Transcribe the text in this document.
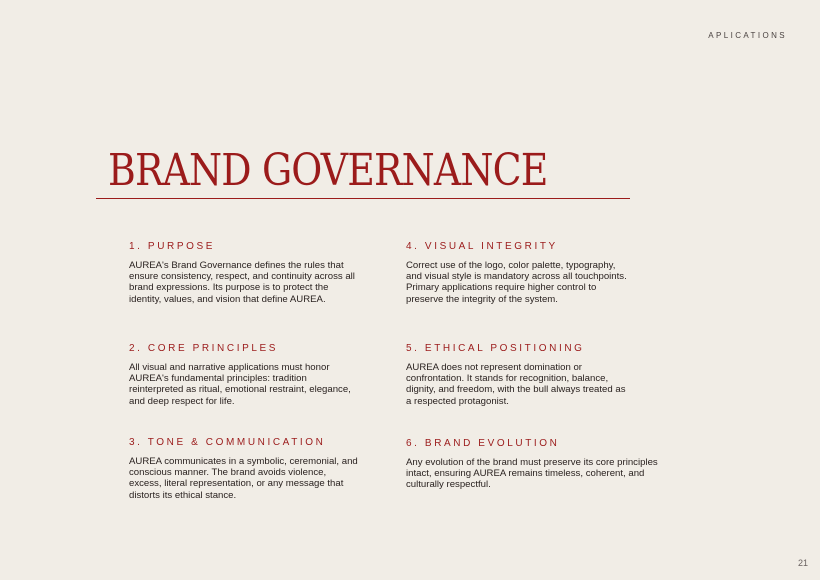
APLICATIONS
BRAND GOVERNANCE
1. PURPOSE

AUREA's Brand Governance defines the rules that ensure consistency, respect, and continuity across all brand expressions. Its purpose is to protect the identity, values, and vision that define AUREA.

2. CORE PRINCIPLES

All visual and narrative applications must honor AUREA's fundamental principles: tradition reinterpreted as ritual, emotional restraint, elegance, and deep respect for life.

3. TONE & COMMUNICATION

AUREA communicates in a symbolic, ceremonial, and conscious manner. The brand avoids violence, excess, literal representation, or any message that distorts its ethical stance.

4. VISUAL INTEGRITY

Correct use of the logo, color palette, typography, and visual style is mandatory across all touchpoints. Primary applications require higher control to preserve the integrity of the system.

5. ETHICAL POSITIONING

AUREA does not represent domination or confrontation. It stands for recognition, balance, dignity, and freedom, with the bull always treated as a respected protagonist.

6. BRAND EVOLUTION

Any evolution of the brand must preserve its core principles intact, ensuring AUREA remains timeless, coherent, and culturally respectful.

21
